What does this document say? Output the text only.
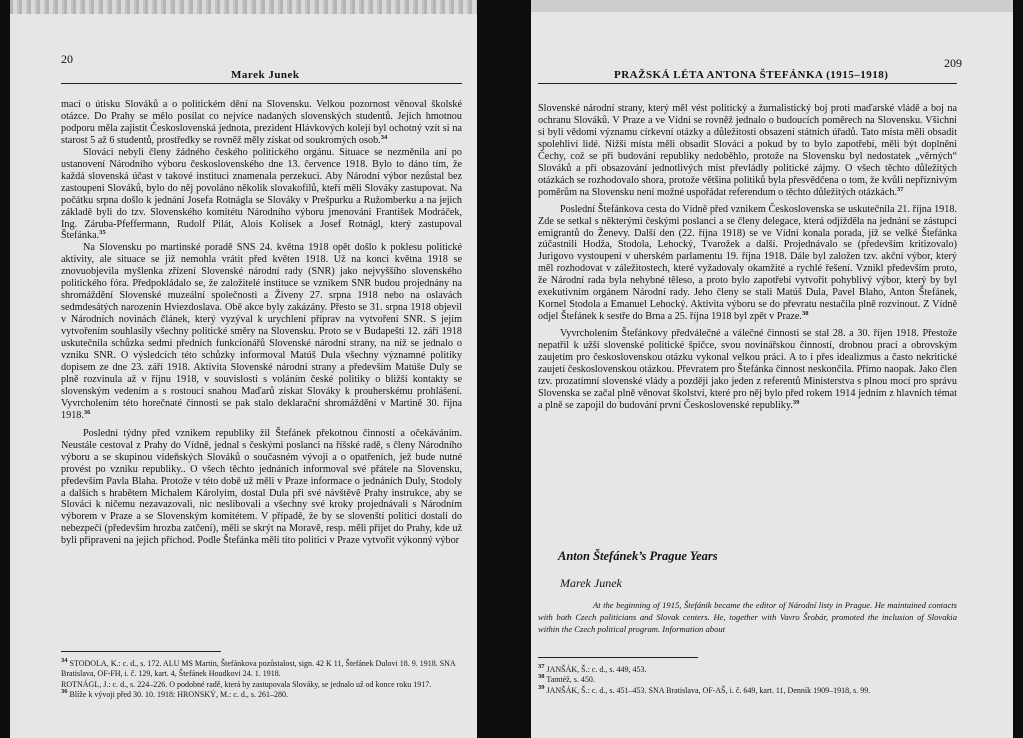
20
Marek Junek

mací o útisku Slováků a o politickém dění na Slovensku. Velkou pozornost věnoval školské otázce. Do Prahy se mělo posílat co nejvíce nadaných slovenských studentů. Jejich hmotnou podporu měla zajistit Československá jednota, prezident Hlávkových kolejí byl ochotný vzít si na starost 5 až 6 studentů, prostředky se rovněž měly získat od soukromých osob.$^{34}$

Slováci nebyli členy žádného českého politického orgánu. Situace se nezměnila ani po ustanovení Národního výboru československého dne 13. července 1918. Bylo to dáno tím, že každá slovenská účast v takové instituci znamenala perzekuci. Aby Národní výbor nezůstal bez zastoupení Slováků, bylo do něj povoláno několik slovakofilů, kteří měli Slováky zastupovat. Na počátku srpna došlo k jednání Josefa Rotnágla se Slováky v Prešpurku a Ružomberku a na jejich základě byli do tzv. Slovenského komitétu Národního výboru jmenováni František Modráček, Ing. Záruba-Pfeffermann, Rudolf Pilát, Alois Kolísek a Josef Rotnágl, který zastupoval Štefánka.$^{35}$

Na Slovensku po martinské poradě SNS 24. května 1918 opět došlo k poklesu politické aktivity, ale situace se již nemohla vrátit před květen 1918. Už na konci května 1918 se znovuobjevila myšlenka zřízení Slovenské národní rady (SNR) jako nejvyššího slovenského politického fóra. Předpokládalo se, že založitelé instituce se vznikem SNR budou projednány na shromáždění Slovenské muzeální společnosti a Živeny 27. srpna 1918 nebo na oslavách sedmdesátých narozenin Hviezdoslava. Obě akce byly zakázány. Přesto se 31. srpna 1918 objevil v Národních novinách článek, který vyzýval k urychlení příprav na vytvoření SNR. S jejím vytvořením souhlasily všechny politické směry na Slovensku. Proto se v Budapešti 12. září 1918 uskutečnila schůzka sedmi předních funkcionářů Slovenské národní strany, na níž se jednalo o vzniku SNR. O výsledcích této schůzky informoval Matúš Dula všechny významné politiky dopisem ze dne 23. září 1918. Aktivita Slovenské národní strany a především Matúše Duly se plně rozvinula až v říjnu 1918, v souvislosti s voláním české politiky o bližší kontakty se slovenským vedením a s rostoucí snahou Maďarů získat Slováky k prouherskému prohlášení. Vyvrcholením této horečnaté činnosti se pak stalo deklarační shromáždění v Martině 30. října 1918.36

Poslední týdny před vznikem republiky žil Štefánek překotnou činností a očekáváním. Neustále cestoval z Prahy do Vídně, jednal s českými poslanci na říšské radě, s členy Národního výboru a se skupinou vídeňských Slováků o současném vývoji a o opatřeních, jež bude nutné provést po vzniku republiky.. O všech těchto jednáních informoval své přátele na Slovensku, především Pavla Blaha. Protože v této době už měli v Praze informace o jednáních Duly, Stodoly a dalších s hrabětem Michalem Károlyim, dostal Dula při své návštěvě Prahy instrukce, aby se Slováci k ničemu nezavazovali, nic neslibovali a všechny své kroky projednávali s Národním výborem v Praze a se Slovenským komitétem. V případě, že by se slovenští politici dostali do nebezpečí (především hrozba zatčení), měli se skrýt na Moravě, resp. měli přijet do Prahy, kde už byli připraveni na jejich příchod. Podle Štefánka měli tito politici v Praze vytvořit výkonný výbor

$^{34}$ STODOLA, K.: c. d., s. 172. ALU MS Martin, Štefánkova pozůstalost, sign. 42 K 11, Štefánek Dulovi 18. 9. 1918. SNA Bratislava, OF-FH, i. č. 129, kart. 4, Štefánek Houdkovi 24. 1. 1918.

ROTNÁGL, J.: c. d., s. 224–226. O podobné radě, která by zastupovala Slováky, se jednalo už od konce roku 1917.

$^{36}$ Blíže k vývoji před 30. 10. 1918: HRONSKÝ, M.: c. d., s. 261–280.

209
PRAŽSKÁ LÉTA ANTONA ŠTEFÁNKA (1915–1918)

Slovenské národní strany, který měl vést politický a žurnalistický boj proti maďarské vládě a boj na ochranu Slováků. V Praze a ve Vídni se rovněž jednalo o budoucích poměrech na Slovensku. Všichni si byli vědomi významu církevní otázky a důležitosti obsazení státních úřadů. Tato místa měli obsadit spolehliví lidé. Nižší místa měli obsadit Slováci a pokud by to bylo zapotřebí, měli být doplněni Čechy, což se při budování republiky nedoběhlo, protože na Slovensku byl nedostatek „věrných“ Slováků a při obsazování jednotlivých míst převládly politické zájmy. O všech těchto důležitých otázkách se rozhodovalo shora, protože většina politiků byla přesvědčena o tom, že kvůli nepříznivým poměrům na Slovensku není možné uspořádat referendum o těchto důležitých otázkách.$^{37}$

Poslední Štefánkova cesta do Vídně před vznikem Československa se uskutečnila 21. října 1918. Zde se setkal s některými českými poslanci a se členy delegace, která odjížděla na jednání se zástupci emigrantů do Ženevy. Další den (22. října 1918) se ve Vídni konala porada, jíž se velké Štefánka zúčastnili Hodža, Stodola, Lehocký, Tvarožek a další. Projednávalo se (především kritizovalo) Jurigovo vystoupení v uherském parlamentu 19. října 1918. Dále byl založen tzv. akční výbor, který měl rozhodovat v záležitostech, které vyžadovaly okamžité a rychlé řešení. Vznikl především proto, že Národní rada byla nehybné těleso, a proto bylo zapotřebí vytvořit pohyblivý výbor, který by byl exekutivním orgánem Národní rady. Jeho členy se stali Matúš Dula, Pavel Blaho, Anton Štefánek, Kornel Stodola a Emanuel Lehocký. Aktivita výboru se do převratu nestačila plně rozvinout. Z Vídně odjel Štefánek k sestře do Brna a 25. října 1918 byl zpět v Praze.$^{38}$

Vyvrcholením Štefánkovy předválečné a válečné činnosti se stal 28. a 30. říjen 1918. Přestože nepatřil k užší slovenské politické špičce, svou novinářskou činností, drobnou prací a obrovským zaujetím pro československou otázku vykonal velkou práci. A to i přes idealizmus a často nekritické zaujetí československou otázkou. Převratem pro Štefánka činnost neskončila. Přímo naopak. Jako člen tzv. prozatímní slovenské vlády a později jako jeden z referentů Ministerstva s plnou mocí pro správu Slovenska se začal plně věnovat školství, které pro něj bylo před rokem 1914 jedním z hlavních témat a plně se zapojil do budování první Československé republiky.$^{39}$

Anton Štefánek’s Prague Years
Marek Junek

At the beginning of 1915, Štefánik became the editor of Národní listy in Prague. He maintained contacts with both Czech politicians and Slovak centers. He, together with Vavro Šrobár, promoted the inclusion of Slovakia within the Czech political program. Information about

$^{37}$ JANŠÁK, Š.: c. d., s. 449, 453.

$^{38}$ Tamtéž, s. 450.

$^{39}$ JANŠÁK, Š.: c. d., s. 451–453. SNA Bratislava, OF-AŠ, i. č. 649, kart. 11, Denník 1909–1918, s. 99.
